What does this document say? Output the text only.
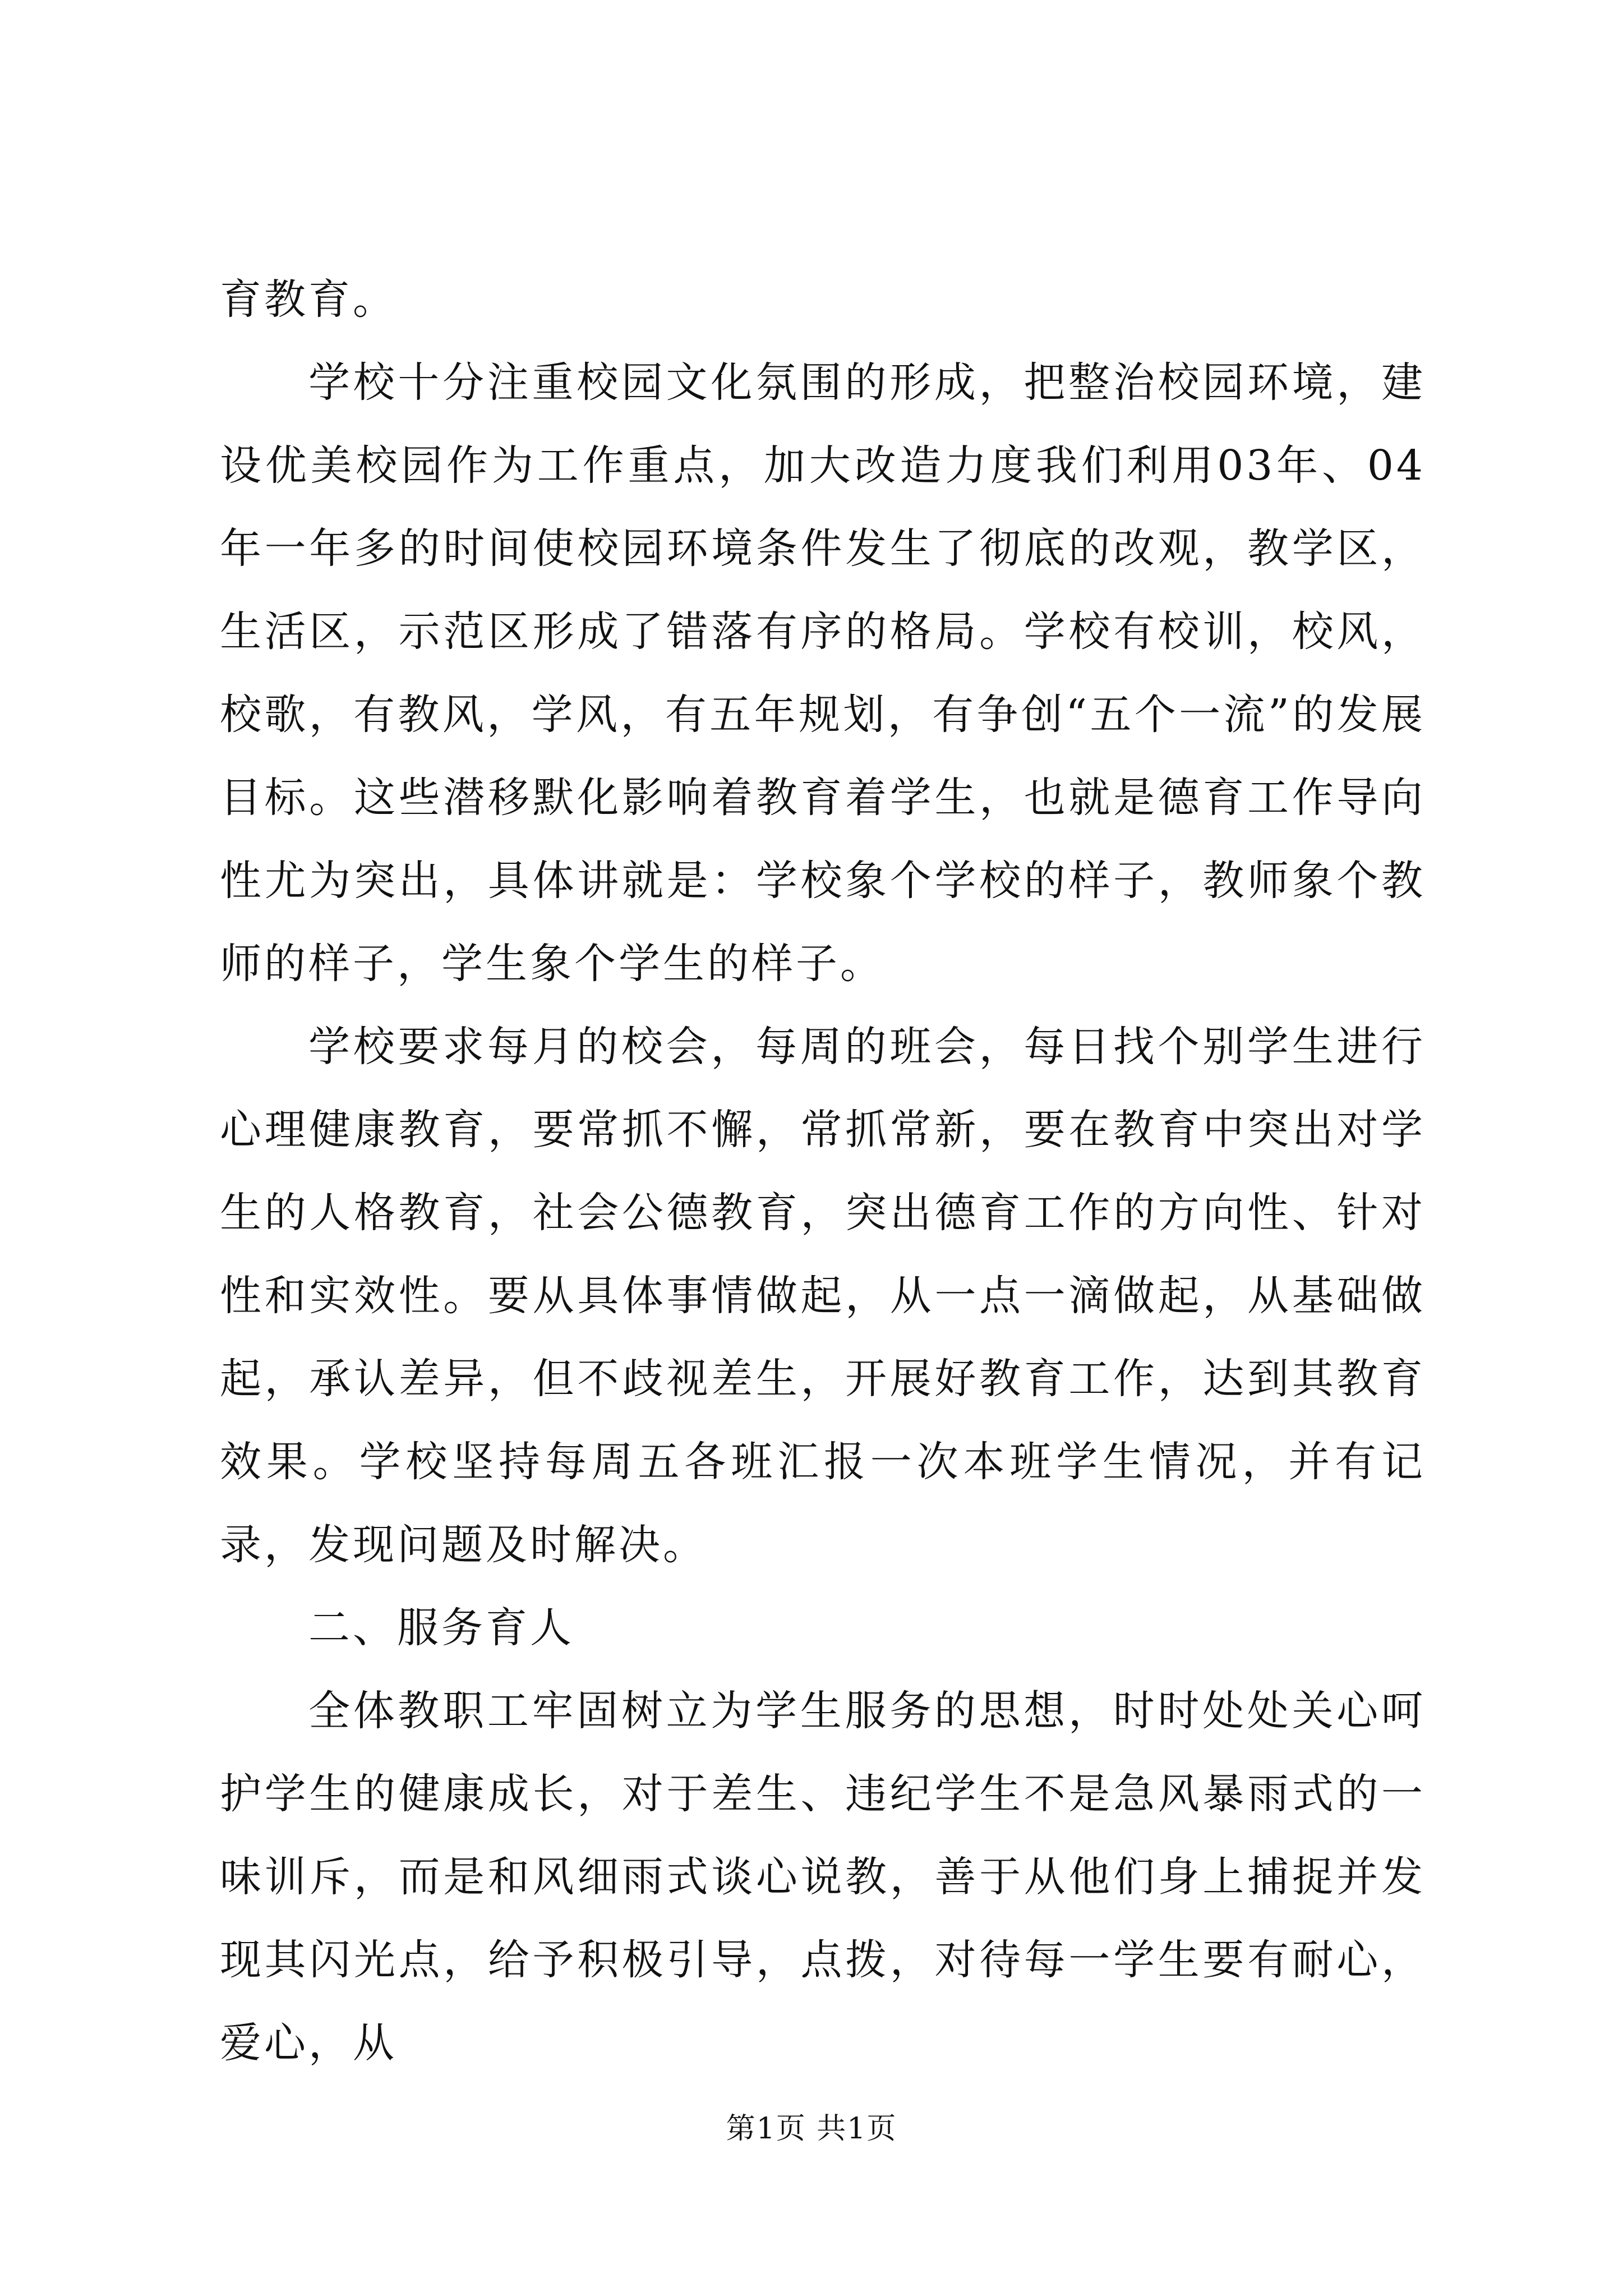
育教育。

学校十分注重校园文化氛围的形成，把整治校园环境，建设优美校园作为工作重点，加大改造力度我们利用03年、04年一年多的时间使校园环境条件发生了彻底的改观，教学区，生活区，示范区形成了错落有序的格局。学校有校训，校风，校歌，有教风，学风，有五年规划，有争创“五个一流”的发展目标。这些潜移默化影响着教育着学生，也就是德育工作导向性尤为突出，具体讲就是：学校象个学校的样子，教师象个教师的样子，学生象个学生的样子。

学校要求每月的校会，每周的班会，每日找个别学生进行心理健康教育，要常抓不懈，常抓常新，要在教育中突出对学生的人格教育，社会公德教育，突出德育工作的方向性、针对性和实效性。要从具体事情做起，从一点一滴做起，从基础做起，承认差异，但不歧视差生，开展好教育工作，达到其教育效果。学校坚持每周五各班汇报一次本班学生情况，并有记录，发现问题及时解决。

二、服务育人

全体教职工牢固树立为学生服务的思想，时时处处关心呵护学生的健康成长，对于差生、违纪学生不是急风暴雨式的一味训斥，而是和风细雨式谈心说教，善于从他们身上捕捉并发现其闪光点，给予积极引导，点拨，对待每一学生要有耐心，爱心，从

第1页 共1页
